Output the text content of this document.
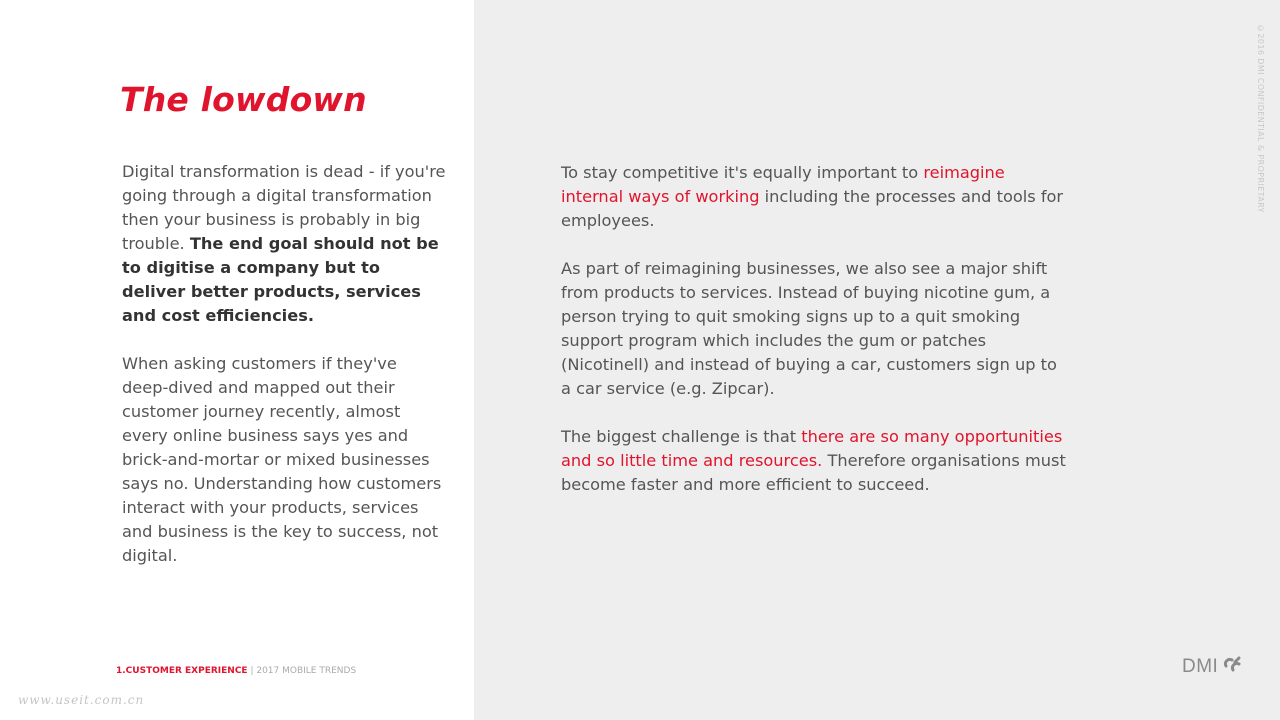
The lowdown

Digital transformation is dead - if you're going through a digital transformation then your business is probably in big trouble. The end goal should not be to digitise a company but to deliver better products, services and cost efficiencies.

When asking customers if they've deep-dived and mapped out their customer journey recently, almost every online business says yes and brick-and-mortar or mixed businesses says no. Understanding how customers interact with your products, services and business is the key to success, not digital.

To stay competitive it's equally important to reimagine internal ways of working including the processes and tools for employees.

As part of reimagining businesses, we also see a major shift from products to services. Instead of buying nicotine gum, a person trying to quit smoking signs up to a quit smoking support program which includes the gum or patches (Nicotinell) and instead of buying a car, customers sign up to a car service (e.g. Zipcar).

The biggest challenge is that there are so many opportunities and so little time and resources. Therefore organisations must become faster and more efficient to succeed.

1.CUSTOMER EXPERIENCE | 2017 MOBILE TRENDS
©2016 DMI CONFIDENTIAL & PROPRIETARY
DMI
www.useit.com.cn
